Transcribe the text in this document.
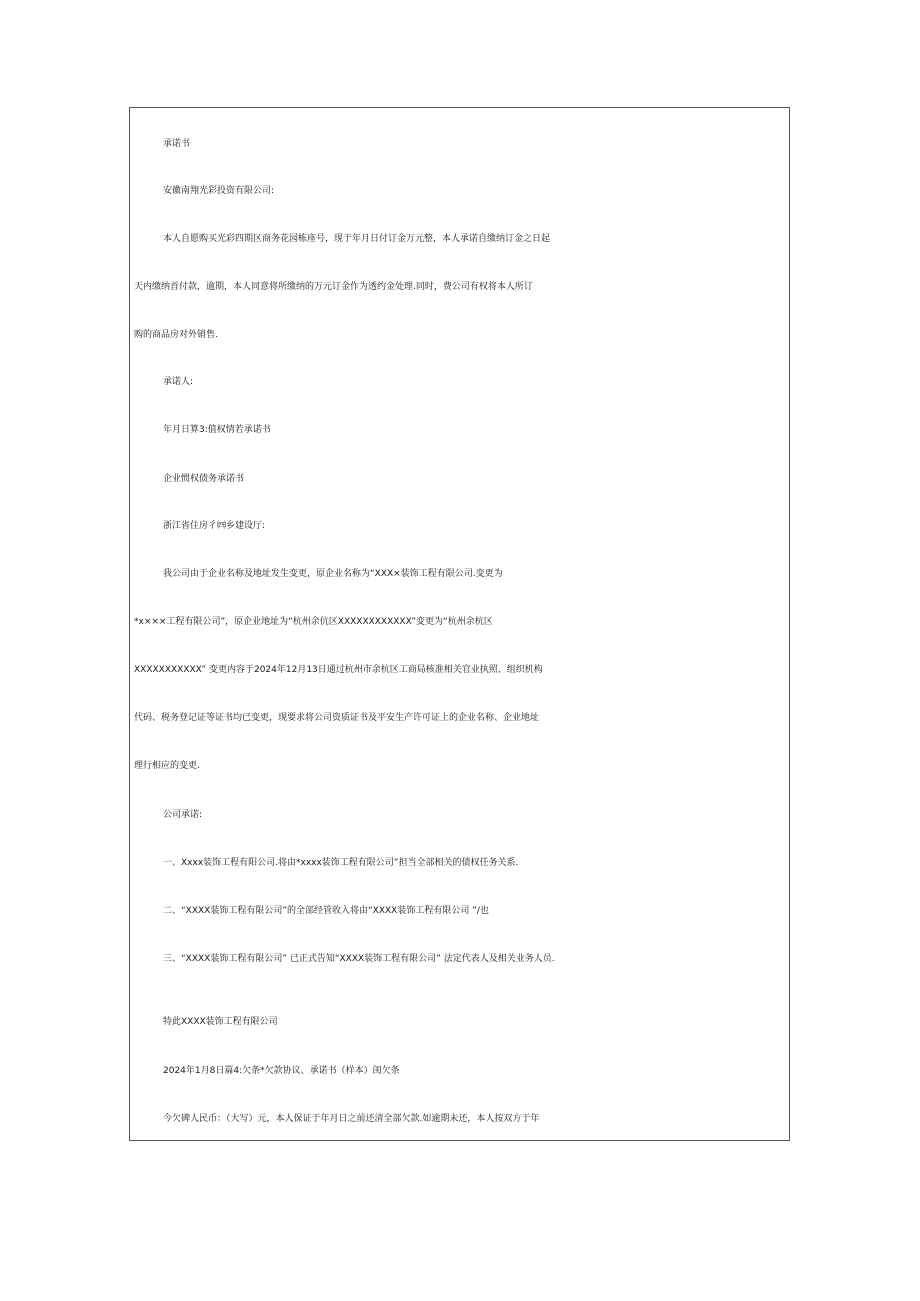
承诺书
安徽南翔光彩投资有限公司:
本人自愿购买光彩四期区商务花园栋座号，现于年月日付订金万元整，本人承诺自缴纳订金之日起
天内缴纳首付款，逾期，本人同意将所缴纳的万元订金作为透约金处理.同时，费公司有权将本人所订
购的商品房对外销售.
承诺人:
年月日算3:值权情若承诺书
企业惯权债务承诺书
浙江省住房彳㈣乡建设厅:
我公司由于企业名称及地址发生变更，原企业名称为“XXX×装饰工程有限公司.变更为
*x×××工程有限公司”，原企业地址为“杭州余伉区XXXXXXXXXXXX”变更为“杭州余杭区
XXXXXXXXXXX” 变更内容于2024年12月13日通过杭州市余杭区工商局核准相关官业执照、组织机构
代码、税务登记证等证书均已变更，现要求将公司资质证书及平安生产许可证上的企业名称、企业地址
理行相应的变更.
公司承诺:
一、Xxxx装饰工程有阳公司.将由*xxxx装饰工程有限公司”担当全部相关的债权任务关系.
二、“XXXX装饰工程有限公司”的全部经管收入将由“XXXX装饰工程有限公司 ”/也
三、“XXXX装饰工程有限公司” 已正式告知“XXXX装饰工程有限公司” 法定代表人及相关业务人员.
特此XXXX装饰工程有限公司
2024年1月8日篇4:欠条*欠款协议、承诺书（样本）闺欠条
今欠碑人民币：（大写）元，本人保证于年月日之前还清全部欠款.如逾期未还，本人按双方于年
